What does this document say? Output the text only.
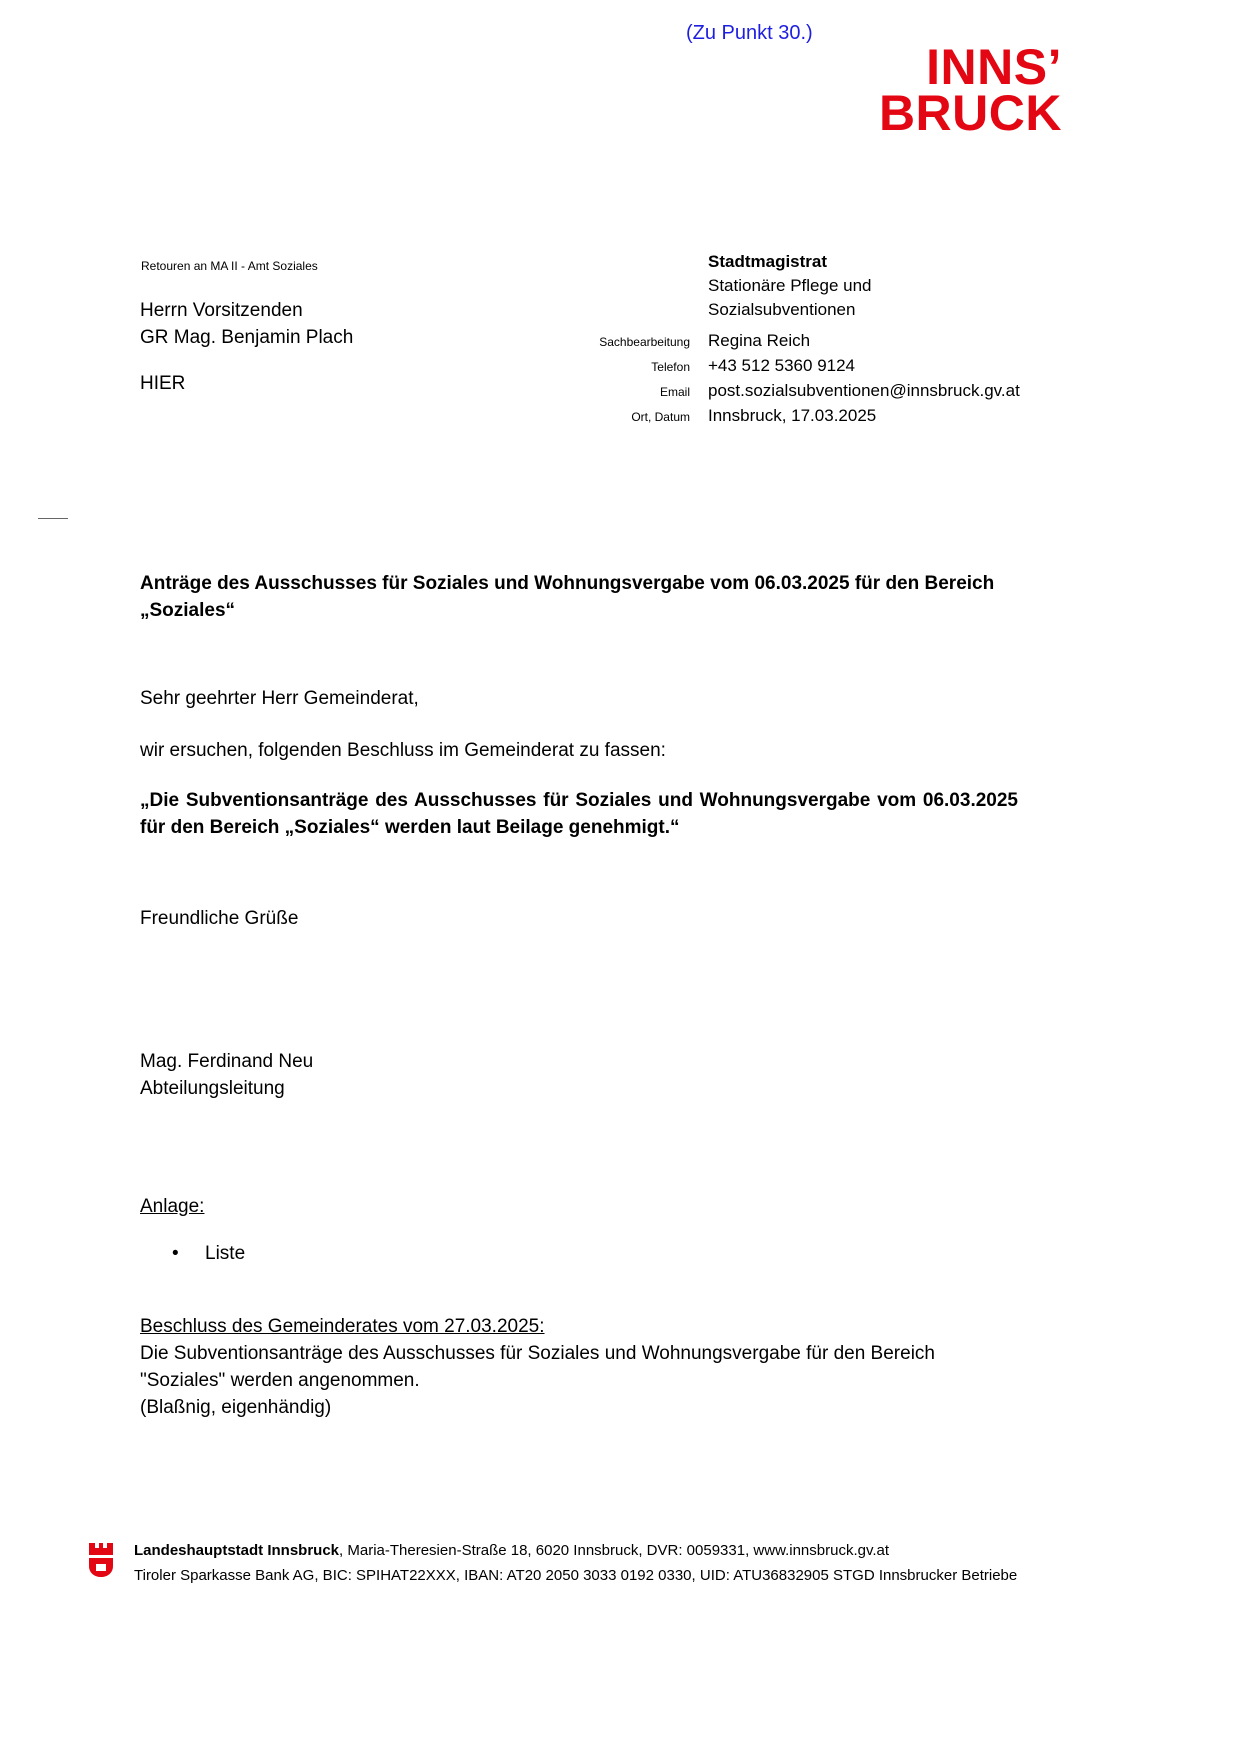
(Zu Punkt 30.)
INNS’
BRUCK
Retouren an MA II - Amt Soziales
Herrn Vorsitzenden
GR Mag. Benjamin Plach
HIER
Stadtmagistrat
Stationäre Pflege und Sozialsubventionen
Sachbearbeitung Regina Reich
Telefon +43 512 5360 9124
Email post.sozialsubventionen@innsbruck.gv.at
Ort, Datum Innsbruck, 17.03.2025

Anträge des Ausschusses für Soziales und Wohnungsvergabe vom 06.03.2025 für den Bereich „Soziales“

Sehr geehrter Herr Gemeinderat,

wir ersuchen, folgenden Beschluss im Gemeinderat zu fassen:

„Die Subventionsanträge des Ausschusses für Soziales und Wohnungsvergabe vom 06.03.2025 für den Bereich „Soziales“ werden laut Beilage genehmigt.“

Freundliche Grüße

Mag. Ferdinand Neu
Abteilungsleitung

Anlage:

•	Liste

Beschluss des Gemeinderates vom 27.03.2025:

Die Subventionsanträge des Ausschusses für Soziales und Wohnungsvergabe für den Bereich "Soziales" werden angenommen.

(Blaßnig, eigenhändig)

Landeshauptstadt Innsbruck, Maria-Theresien-Straße 18, 6020 Innsbruck, DVR: 0059331, www.innsbruck.gv.at
Tiroler Sparkasse Bank AG, BIC: SPIHAT22XXX, IBAN: AT20 2050 3033 0192 0330, UID: ATU36832905 STGD Innsbrucker Betriebe
